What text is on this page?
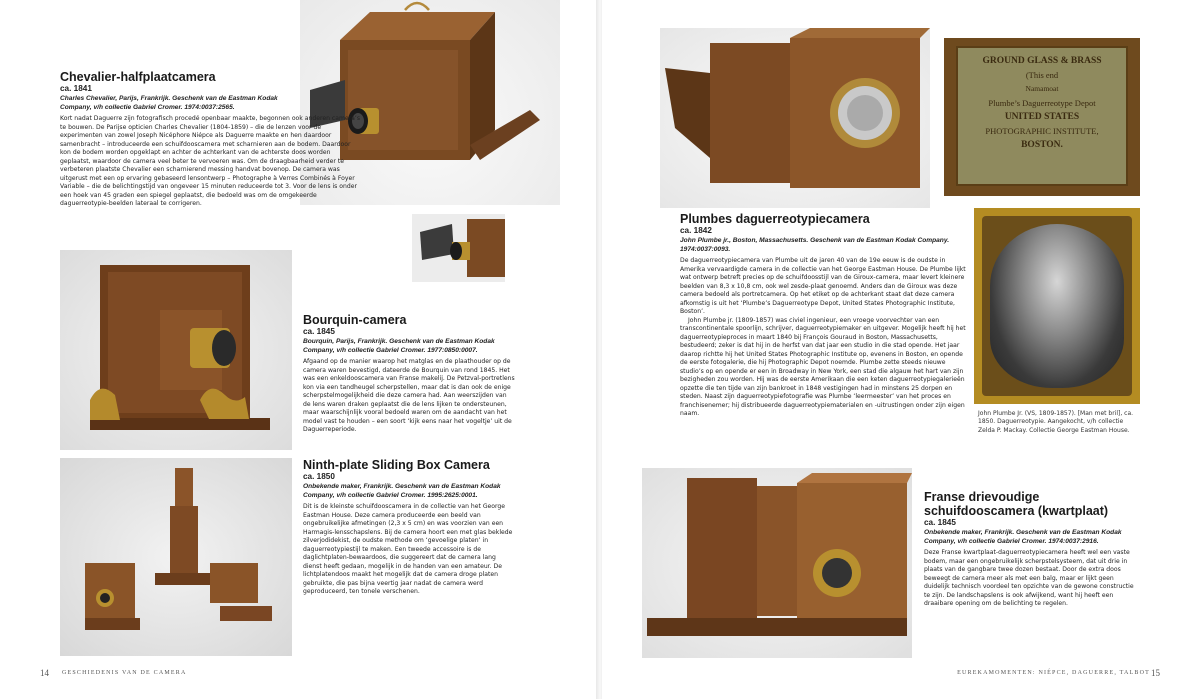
Chevalier-halfplaatcamera
ca. 1841
Charles Chevalier, Parijs, Frankrijk. Geschenk van de Eastman Kodak Company, v/h collectie Gabriel Cromer. 1974:0037:2565.

Kort nadat Daguerre zijn fotografisch procedé openbaar maakte, begonnen ook anderen camera’s te bouwen. De Parijse opticien Charles Chevalier (1804-1859) – die de lenzen voor de experimenten van zowel Joseph Nicéphore Niépce als Daguerre maakte en hen daardoor samenbracht – introduceerde een schuifdooscamera met scharnieren aan de bodem. Daardoor kon de bodem worden opgeklapt en achter de achterkant van de achterste doos worden geplaatst, waardoor de camera veel beter te vervoeren was. Om de draagbaarheid verder te verbeteren plaatste Chevalier een scharnierend messing handvat bovenop. De camera was uitgerust met een op ervaring gebaseerd lensontwerp – Photographe à Verres Combinés à Foyer Variable – die de belichtingstijd van ongeveer 15 minuten reduceerde tot 3. Voor de lens is onder een hoek van 45 graden een spiegel geplaatst, die bedoeld was om de omgekeerde daguerreotypie-beelden lateraal te corrigeren.

Bourquin-camera
ca. 1845
Bourquin, Parijs, Frankrijk. Geschenk van de Eastman Kodak Company, v/h collectie Gabriel Cromer. 1977:0850:0007.

Afgaand op de manier waarop het matglas en de plaathouder op de camera waren bevestigd, dateerde de Bourquin van rond 1845. Het was een enkeldooscamera van Franse makelij. De Petzval-portretlens kon via een tandheugel scherpstellen, maar dat is dan ook de enige scherpstelmogelijkheid die deze camera had. Aan weerszijden van de lens waren draken geplaatst die de lens lijken te ondersteunen, maar waarschijnlijk vooral bedoeld waren om de aandacht van het model vast te houden – een soort ‘kijk eens naar het vogeltje’ uit de Daguerreperiode.

Ninth-plate Sliding Box Camera
ca. 1850
Onbekende maker, Frankrijk. Geschenk van de Eastman Kodak Company, v/h collectie Gabriel Cromer. 1995:2625:0001.

Dit is de kleinste schuifdooscamera in de collectie van het George Eastman House. Deze camera produceerde een beeld van ongebruikelijke afmetingen (2,3 x 5 cm) en was voorzien van een Harmagis-lensschapslens. Bij de camera hoort een met glas beklede zilverjodidekist, de oudste methode om ‘gevoelige platen’ in daguerreotypiestijl te maken. Een tweede accessoire is de daglichtplaten-bewaardoos, die suggereert dat de camera lang dienst heeft gedaan, mogelijk in de handen van een amateur. De lichtplatendoos maakt het mogelijk dat de camera droge platen gebruikte, die pas bijna veertig jaar nadat de camera werd geproduceerd, ten tonele verschenen.

14 GESCHIEDENIS VAN DE CAMERA
GROUND GLASS & BRASS
(This end
Namamoat
Plumbe’s Daguerreotype Depot
UNITED STATES
PHOTOGRAPHIC INSTITUTE,
BOSTON.
Plumbes daguerreotypiecamera
ca. 1842
John Plumbe jr., Boston, Massachusetts. Geschenk van de Eastman Kodak Company. 1974:0037:0093.

De daguerreotypiecamera van Plumbe uit de jaren 40 van de 19e eeuw is de oudste in Amerika vervaardigde camera in de collectie van het George Eastman House. De Plumbe lijkt wat ontwerp betreft precies op de schuifdoosstijl van de Giroux-camera, maar levert kleinere beelden van 8,3 x 10,8 cm, ook wel zesde-plaat genoemd. Anders dan de Giroux was deze camera bedoeld als portretcamera. Op het etiket op de achterkant staat dat deze camera afkomstig is uit het ‘Plumbe’s Daguerreotype Depot, United States Photographic Institute, Boston’.

John Plumbe jr. (1809-1857) was civiel ingenieur, een vroege voorvechter van een transcontinentale spoorlijn, schrijver, daguerreotypiemaker en uitgever. Mogelijk heeft hij het daguerreotypieproces in maart 1840 bij François Gouraud in Boston, Massachusetts, bestudeerd; zeker is dat hij in de herfst van dat jaar een studio in die stad opende. Het jaar daarop richtte hij het United States Photographic Institute op, evenens in Boston, en opende de eerste fotogalerie, die hij Photographic Depot noemde. Plumbe zette steeds nieuwe studio’s op en opende er een in Broadway in New York, een stad die algauw het hart van zijn bezigheden zou worden. Hij was de eerste Amerikaan die een keten daguerreotypiegalerieën opzette die ten tijde van zijn bankroet in 1848 vestigingen had in minstens 25 dorpen en steden. Naast zijn daguerreotypiefotografie was Plumbe ‘leermeester’ van het proces en franchisenemer; hij distribueerde daguerreotypiematerialen en -uitrustingen onder zijn eigen naam.	John Plumbe Jr. (VS, 1809-1857). [Man met bril], ca. 1850. Daguerreotypie. Aangekocht, v/h collectie Zelda P. Mackay. Collectie George Eastman House.
Franse drievoudige schuifdooscamera (kwartplaat)
ca. 1845
Onbekende maker, Frankrijk. Geschenk van de Eastman Kodak Company, v/h collectie Gabriel Cromer. 1974:0037:2916.

Deze Franse kwartplaat-daguerreotypiecamera heeft wel een vaste bodem, maar een ongebruikelijk scherpstelsysteem, dat uit drie in plaats van de gangbare twee dozen bestaat. Door de extra doos beweegt de camera meer als met een balg, maar er lijkt geen duidelijk technisch voordeel ten opzichte van de gewone constructie te zijn. De landschapslens is ook afwijkend, want hij heeft een draaibare opening om de belichting te regelen.

EUREKAMOMENTEN: NIÉPCE, DAGUERRE, TALBOT 15
